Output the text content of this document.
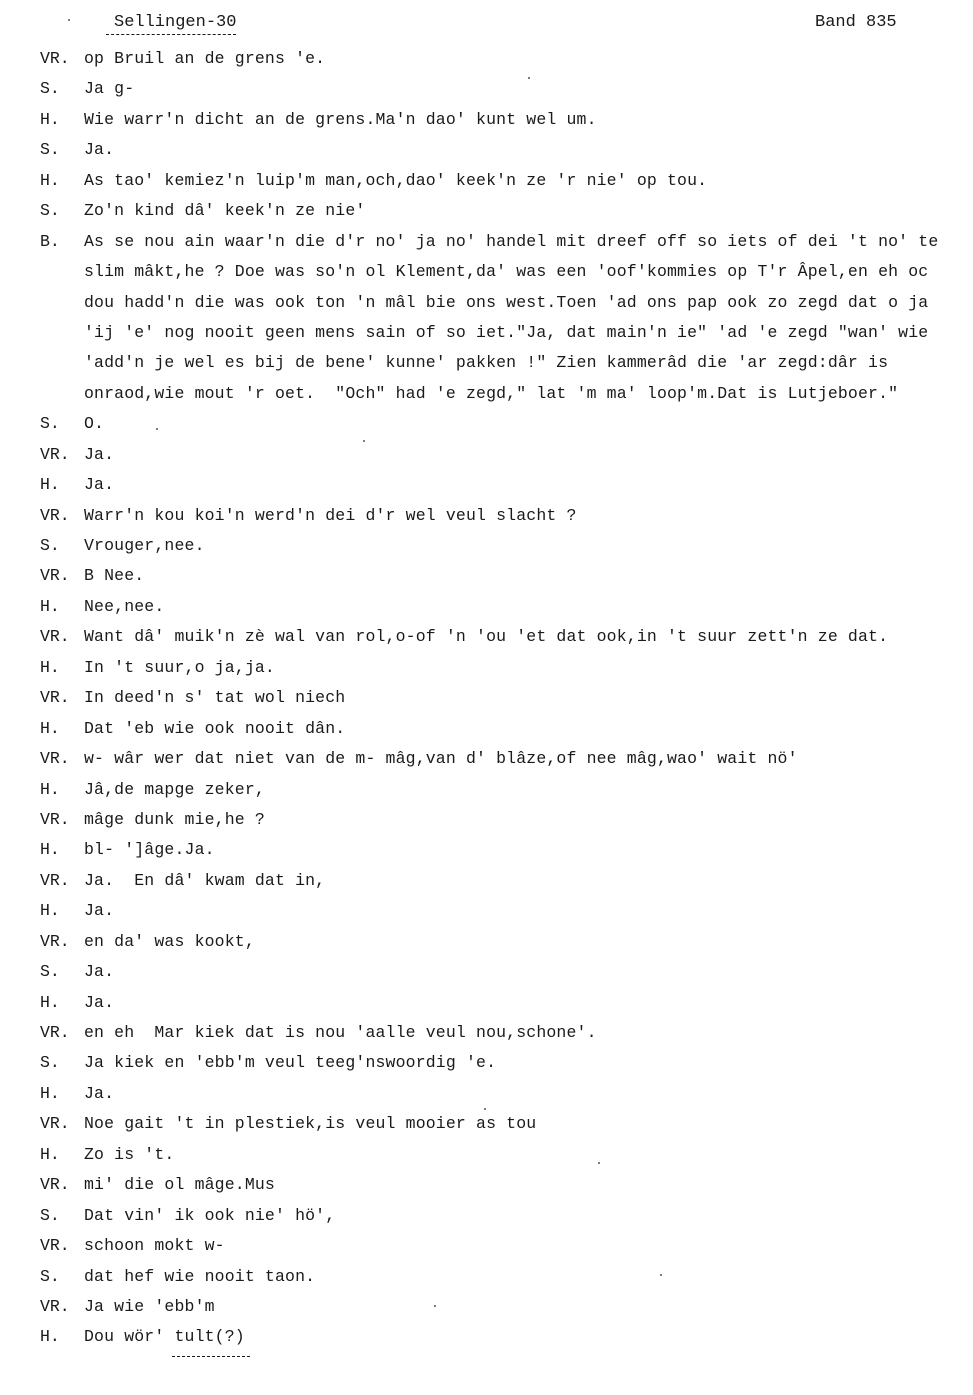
Sellingen-30	Band 835
VR. op Bruil an de grens 'e.
S. Ja g-
H. Wie warr'n dicht an de grens.Ma'n dao' kunt wel um.
S. Ja.
H. As tao' kemiez'n luip'm man,och,dao' keek'n ze 'r nie' op tou.
S. Zo'n kind dâ' keek'n ze nie'
B. As se nou ain waar'n die d'r no' ja no' handel mit dreef off so iets of dei 't no' te
slim mâkt,he ? Doe was so'n ol Klement,da' was een 'oof'kommies op T'r Âpel,en eh oc
dou hadd'n die was ook ton 'n mâl bie ons west.Toen 'ad ons pap ook zo zegd dat o ja
'ij 'e' nog nooit geen mens sain of so iet."Ja, dat main'n ie" 'ad 'e zegd "wan' wie
'add'n je wel es bij de bene' kunne' pakken !" Zien kammerâd die 'ar zegd:dâr is
onraod,wie mout 'r oet.  "Och" had 'e zegd," lat 'm ma' loop'm.Dat is Lutjeboer."
S. O.
VR. Ja.
H. Ja.
VR. Warr'n kou koi'n werd'n dei d'r wel veul slacht ?
S. Vrouger,nee.
VR. B Nee.
H. Nee,nee.
VR. Want dâ' muik'n zè wal van rol,o-of 'n 'ou 'et dat ook,in 't suur zett'n ze dat.
H. In 't suur,o ja,ja.
VR. In deed'n s' tat wol niech
H. Dat 'eb wie ook nooit dân.
VR. w- wâr wer dat niet van de m- mâg,van d' blâze,of nee mâg,wao' wait nö'
H. Jâ,de mapge zeker,
VR. mâge dunk mie,he ?
H. bl- ']âge.Ja.
VR. Ja.  En dâ' kwam dat in,
H. Ja.
VR. en da' was kookt,
S. Ja.
H. Ja.
VR. en eh  Mar kiek dat is nou 'aalle veul nou,schone'.
S. Ja kiek en 'ebb'm veul teeg'nswoordig 'e.
H. Ja.
VR. Noe gait 't in plestiek,is veul mooier as tou
H. Zo is 't.
VR. mi' die ol mâge.Mus
S. Dat vin' ik ook nie' hö',
VR. schoon mokt w-
S. dat hef wie nooit taon.
VR. Ja wie 'ebb'm
H. Dou wör' tult(?)
